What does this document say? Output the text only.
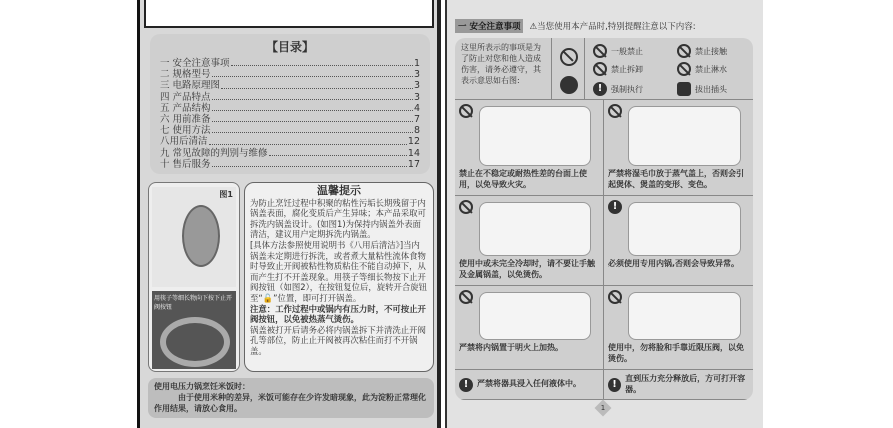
【目录】
一 安全注意事项	1
二 规格型号	3
三 电路原理图	3
四 产品特点	3
五 产品结构	4
六 用前准备	7
七 使用方法	8
八用后清洁	12
九 常见故障的判别与维修	14
十 售后服务	17
图1
用筷子等细长物向下按下止开阀按钮
温馨提示

为防止烹饪过程中积聚的粘性污垢长期残留于内锅盖表面，腐化变质后产生异味；本产品采取可拆洗内锅盖设计。(如图1)为保持内锅盖外表面清洁，建议用户定期拆洗内锅盖。

[具体方法参照使用说明书《八用后清洁》]当内锅盖未定期进行拆洗，或者煮大量粘性流体食物时导致止开阀被粘性物质粘住不能自动掉下，从而产生打不开盖现象。用筷子等细长物按下止开阀按钮（如图2），在按钮复位后，旋转开合旋钮至“🔓”位置，即可打开锅盖。

注意：工作过程中或锅内有压力时，不可按止开阀按钮，以免被热蒸气烫伤。

锅盖被打开后请务必将内锅盖拆下并清洗止开阀孔等部位，防止止开阀被再次粘住而打不开锅盖。

使用电压力锅烹饪米饭时：
由于使用米种的差异，米饭可能存在少许发暗现象，此为淀粉正常理化作用结果，请放心食用。
一 安全注意事项	⚠当您使用本产品时,特别提醒注意以下内容:
这里所表示的事项是为了防止对您和他人造成伤害，请务必遵守，其表示意思如右图:
一般禁止	禁止接触
禁止拆卸	禁止淋水
!	强制执行	拔出插头
禁止在不稳定或耐热性差的台面上使用，以免导致火灾。
严禁将湿毛巾放于蒸气盖上，否则会引起煲体、煲盖的变形、变色。
使用中或未完全冷却时，请不要让手触及金属锅盖，以免烫伤。
!
必须使用专用内锅,否则会导致异常。
严禁将内锅置于明火上加热。	使用中，勿将脸和手靠近限压阀，以免烫伤。
!	严禁将器具浸入任何液体中。	!	直到压力充分释放后，方可打开容器。
1
